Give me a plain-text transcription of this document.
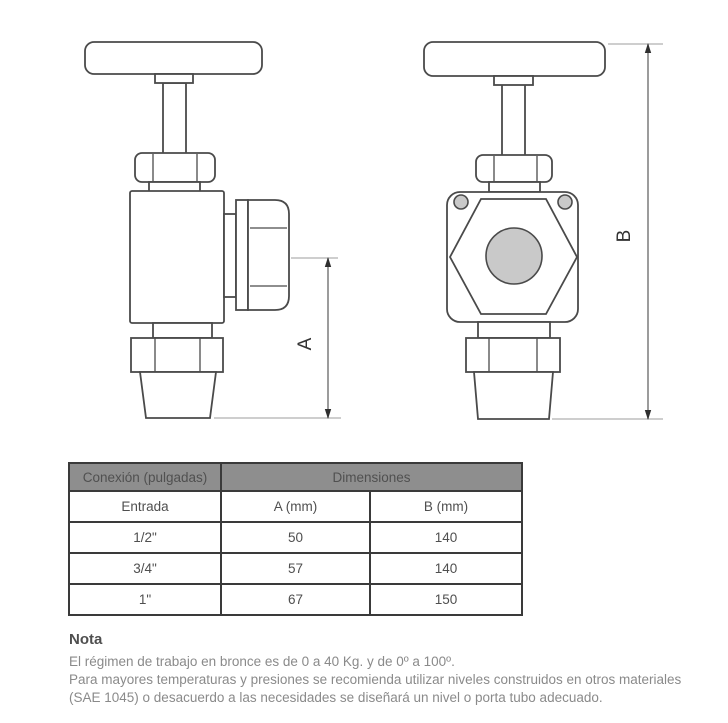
A
B
Conexión (pulgadas)	Dimensiones	
Entrada	A (mm)	B (mm)
1/2"	50	140
3/4"	57	140
1"	67	150
Nota
El régimen de trabajo en bronce es de 0 a 40 Kg. y de 0º a 100º.
Para mayores temperaturas y presiones se recomienda utilizar niveles construidos en otros materiales
(SAE 1045) o desacuerdo a las necesidades se diseñará un nivel o porta tubo adecuado.
